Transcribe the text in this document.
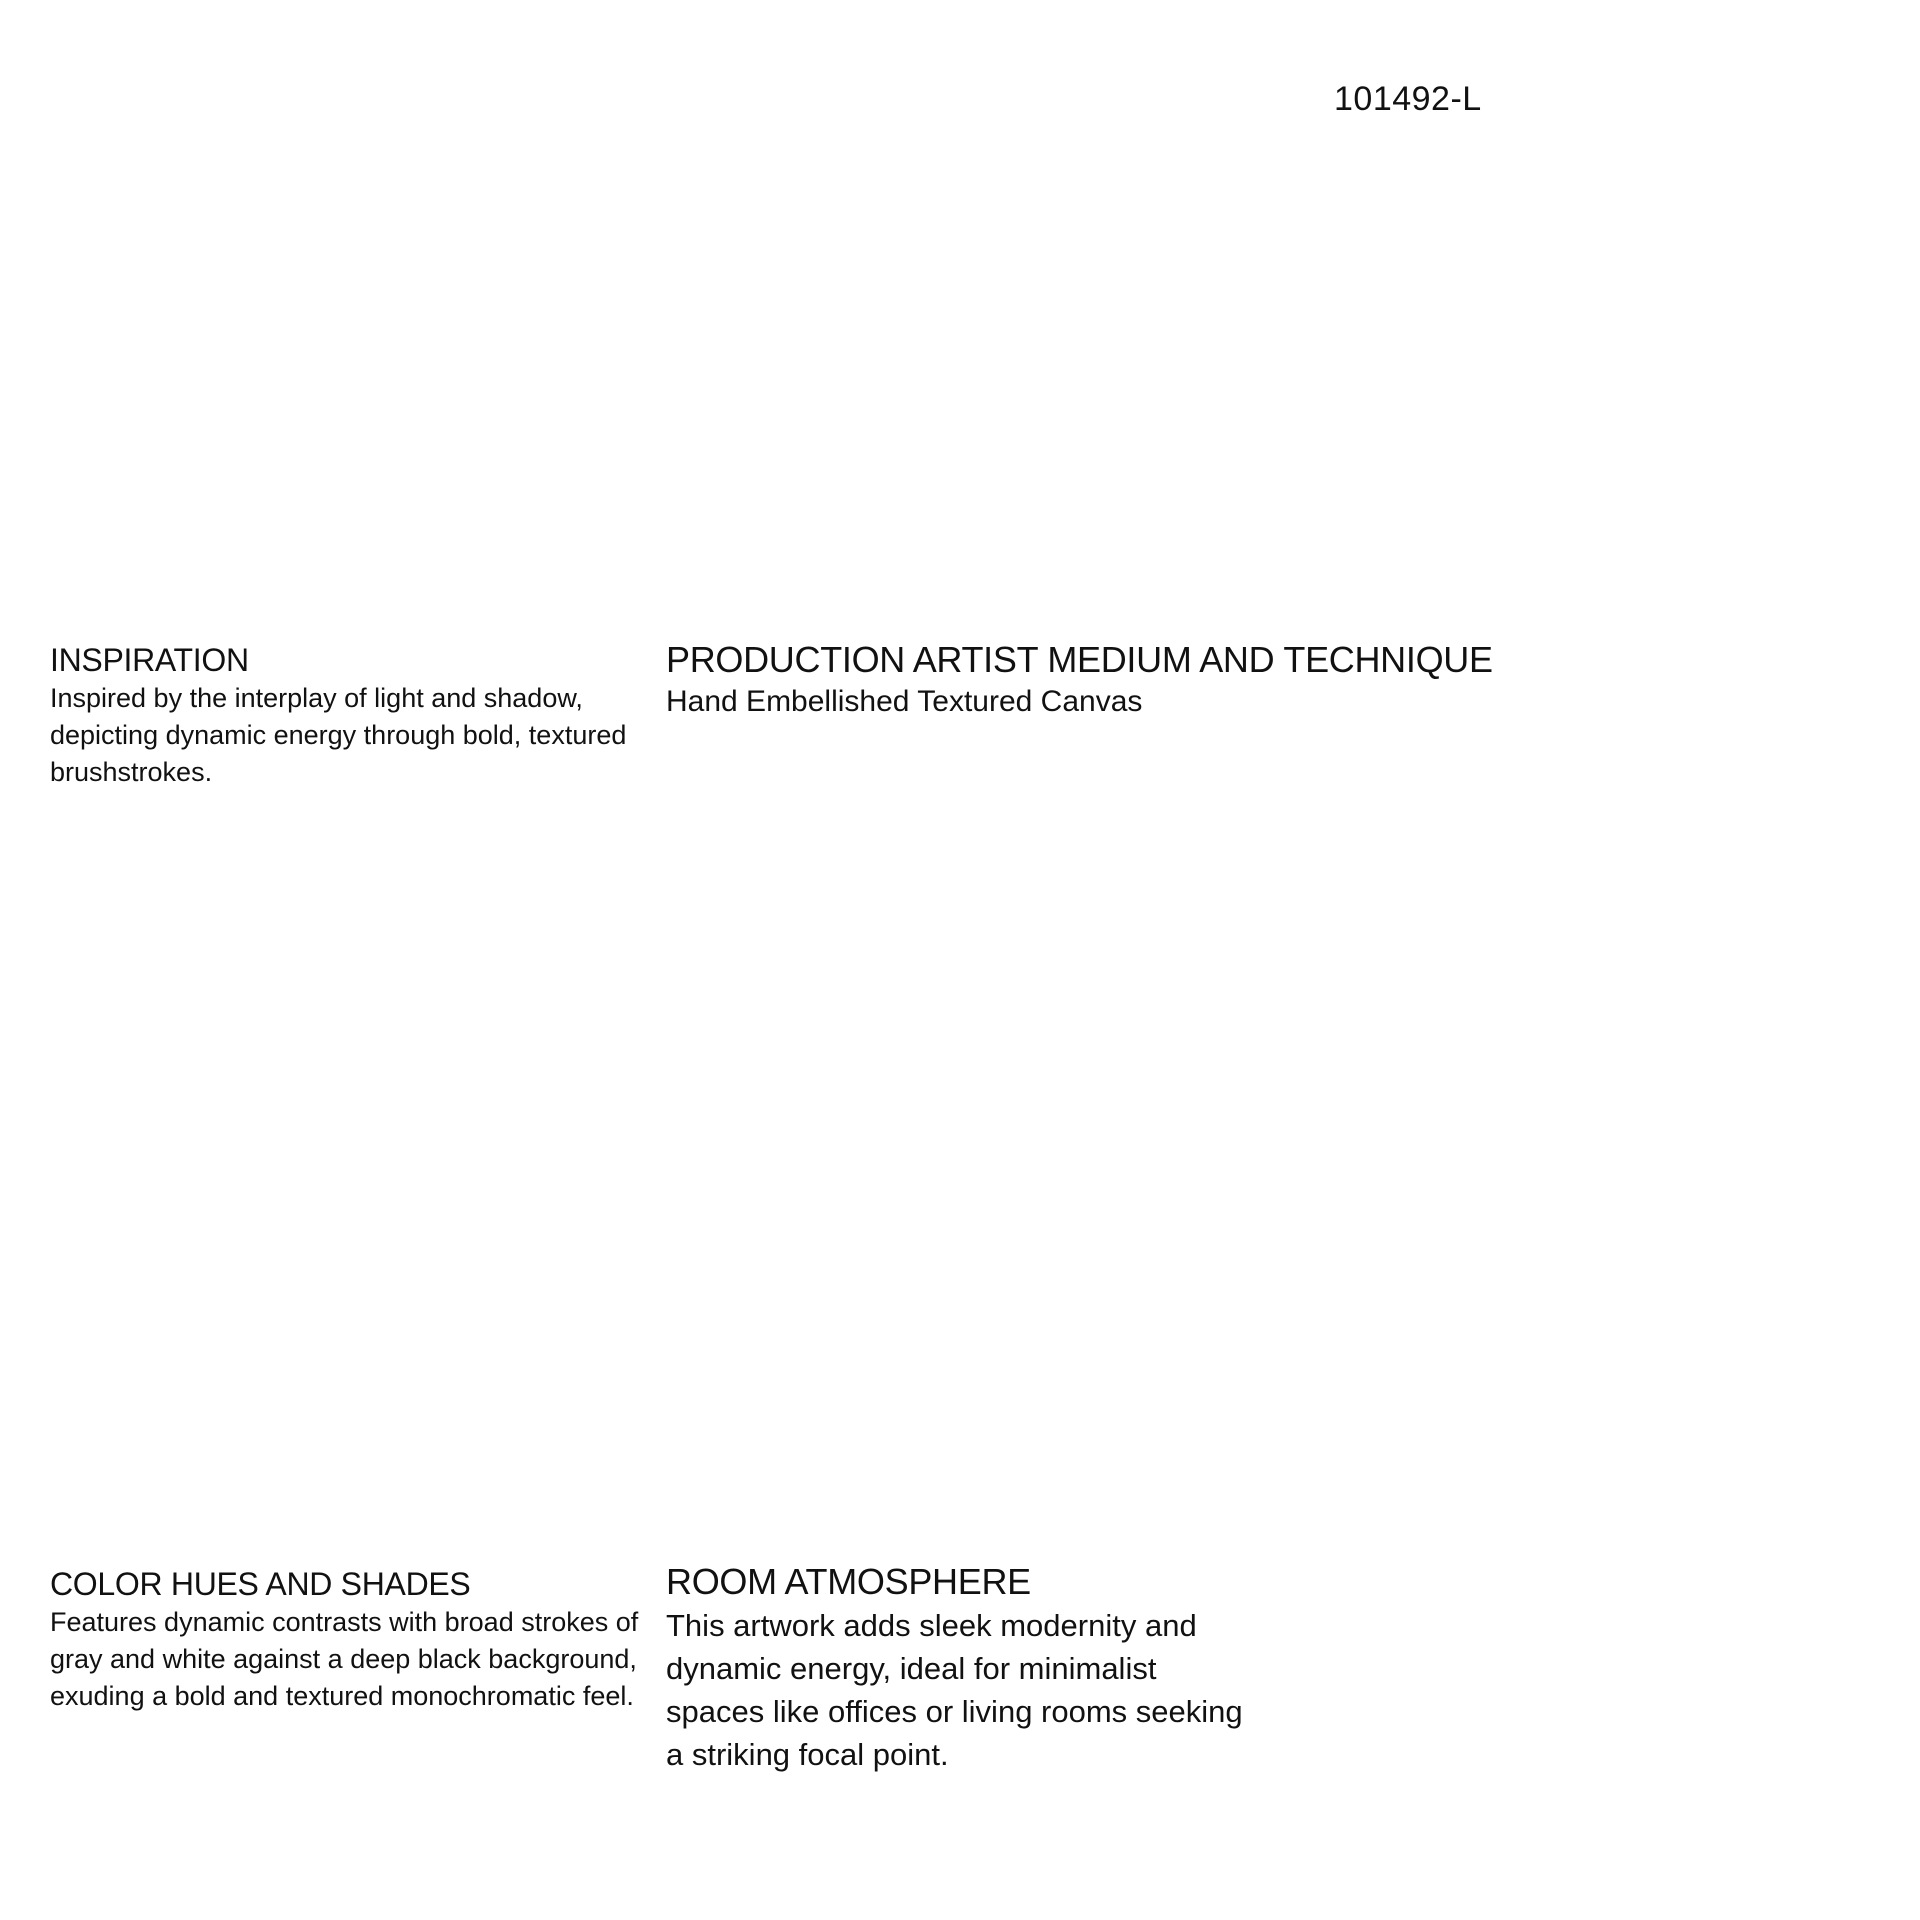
101492-L
INSPIRATION

Inspired by the interplay of light and shadow, depicting dynamic energy through bold, textured brushstrokes.

PRODUCTION ARTIST MEDIUM AND TECHNIQUE

Hand Embellished Textured Canvas

COLOR HUES AND SHADES

Features dynamic contrasts with broad strokes of gray and white against a deep black background, exuding a bold and textured monochromatic feel.

ROOM ATMOSPHERE

This artwork adds sleek modernity and dynamic energy, ideal for minimalist spaces like offices or living rooms seeking a striking focal point.
